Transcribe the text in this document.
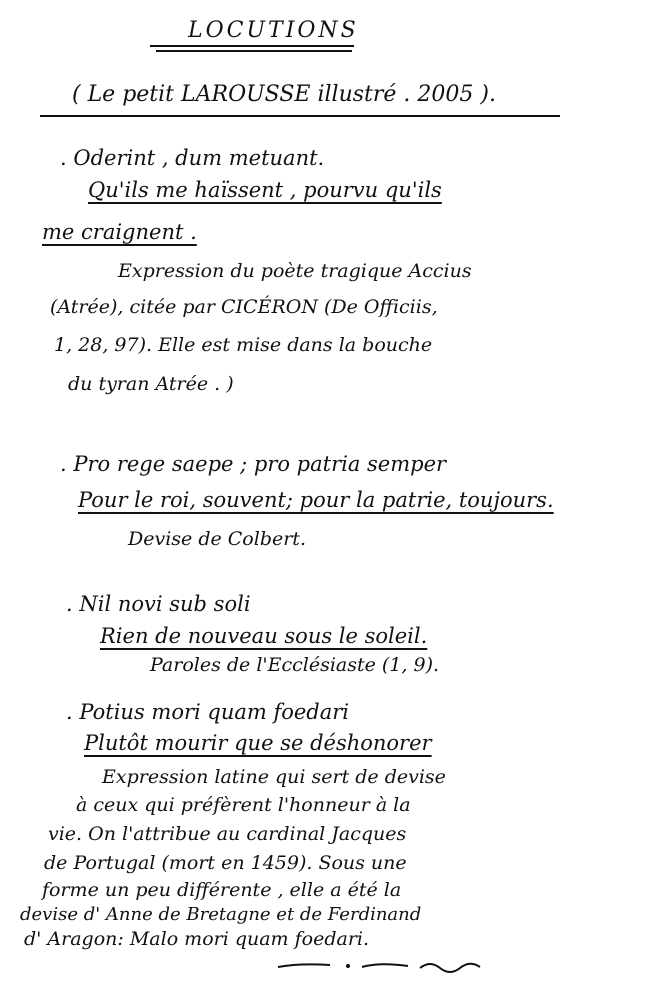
LOCUTIONS
( Le petit LAROUSSE illustré . 2005 ).
. Oderint , dum metuant.
Qu'ils me haïssent , pourvu qu'ils
me craignent .
Expression du poète tragique Accius
(Atrée), citée par CICÉRON (De Officiis,
1, 28, 97). Elle est mise dans la bouche
du tyran Atrée . )
. Pro rege saepe ; pro patria semper
Pour le roi, souvent; pour la patrie, toujours.
Devise de Colbert.
. Nil novi sub soli
Rien de nouveau sous le soleil.
Paroles de l'Ecclésiaste (1, 9).
. Potius mori quam foedari
Plutôt mourir que se déshonorer
Expression latine qui sert de devise
à ceux qui préfèrent l'honneur à la
vie. On l'attribue au cardinal Jacques
de Portugal (mort en 1459). Sous une
forme un peu différente , elle a été la
devise d' Anne de Bretagne et de Ferdinand
d' Aragon: Malo mori quam foedari.
